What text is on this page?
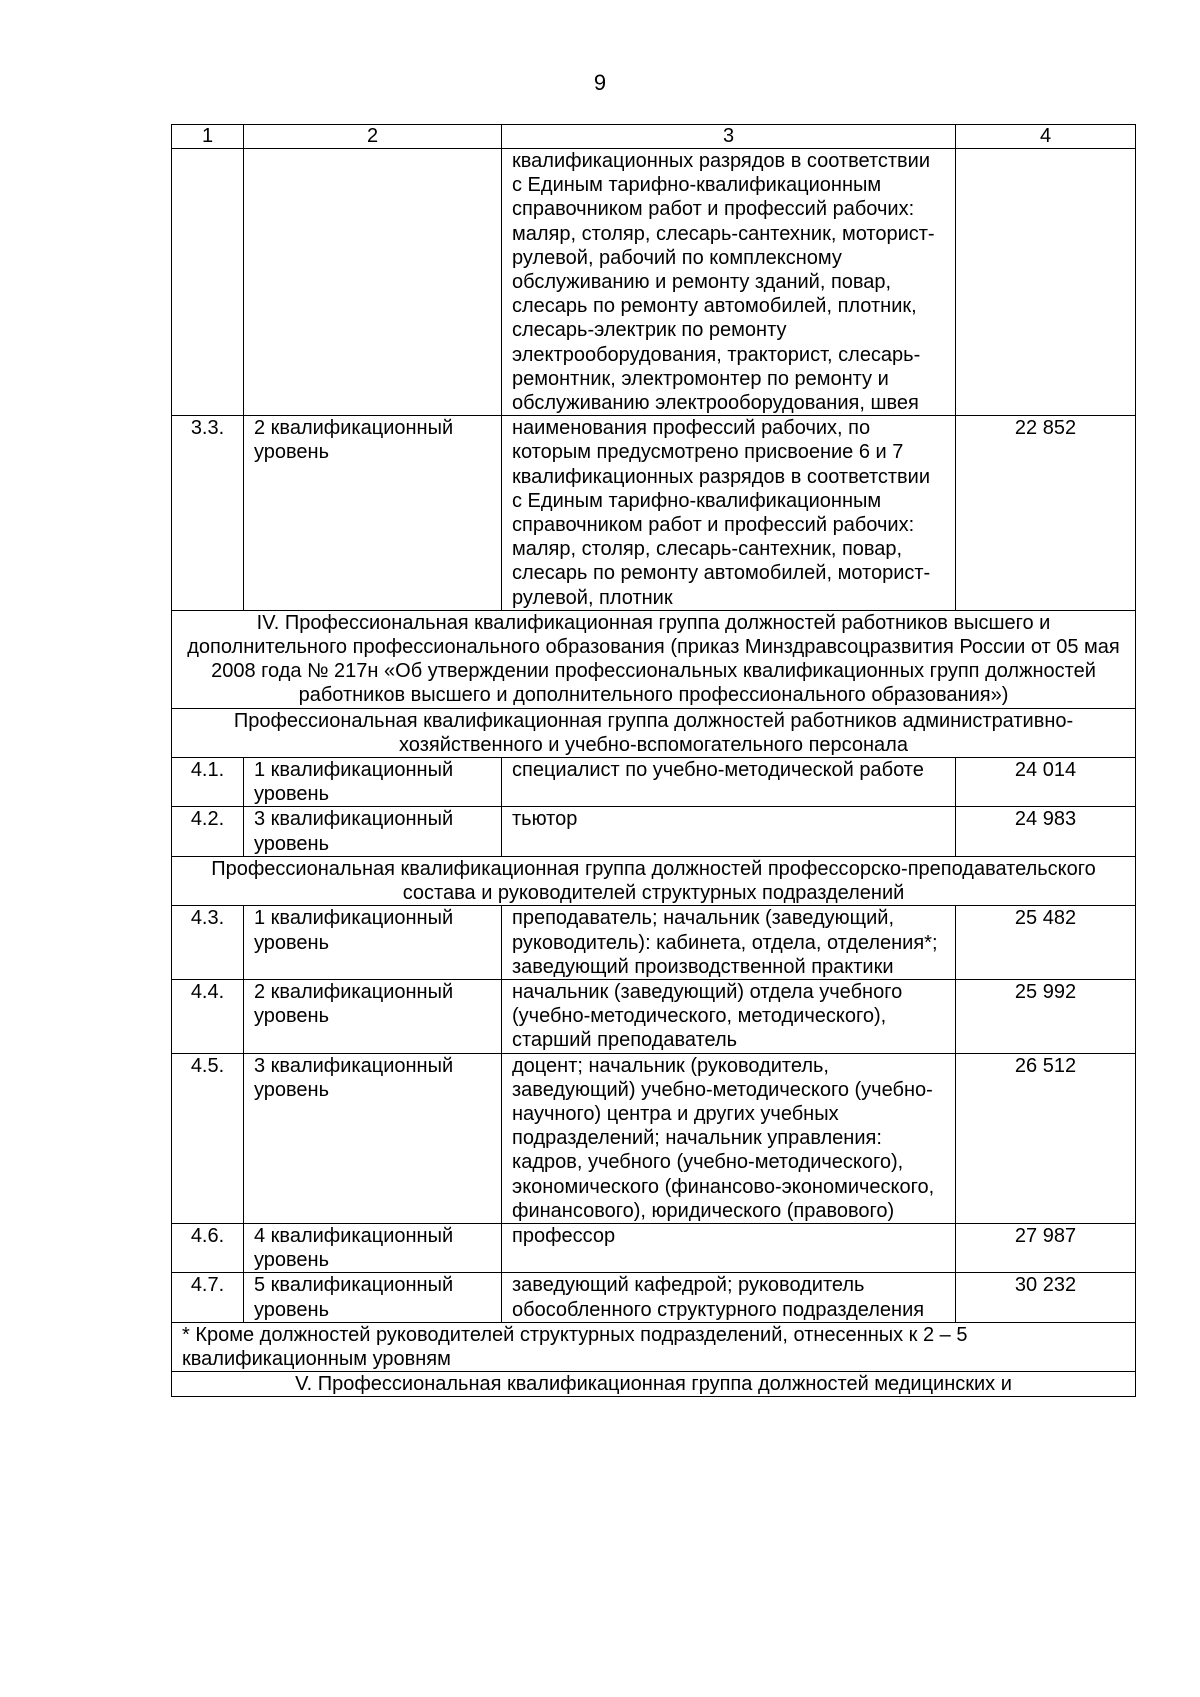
9
1	2	3	4
		квалификационных разрядов в соответствии с Единым тарифно-квалификационным справочником работ и профессий рабочих: маляр, столяр, слесарь-сантехник, моторист-рулевой, рабочий по комплексному обслуживанию и ремонту зданий, повар, слесарь по ремонту автомобилей, плотник, слесарь-электрик по ремонту электрооборудования, тракторист, слесарь-ремонтник, электромонтер по ремонту и обслуживанию электрооборудования, швея	
3.3.	2 квалификационный уровень	наименования профессий рабочих, по которым предусмотрено присвоение 6 и 7 квалификационных разрядов в соответствии с Единым тарифно-квалификационным справочником работ и профессий рабочих: маляр, столяр, слесарь-сантехник, повар, слесарь по ремонту автомобилей, моторист-рулевой, плотник	22 852
IV. Профессиональная квалификационная группа должностей работников высшего и дополнительного профессионального образования (приказ Минздравсоцразвития России от 05 мая 2008 года № 217н «Об утверждении профессиональных квалификационных групп должностей работников высшего и дополнительного профессионального образования»)			
Профессиональная квалификационная группа должностей работников административно-хозяйственного и учебно-вспомогательного персонала			
4.1.	1 квалификационный уровень	специалист по учебно-методической работе	24 014
4.2.	3 квалификационный уровень	тьютор	24 983
Профессиональная квалификационная группа должностей профессорско-преподавательского состава и руководителей структурных подразделений			
4.3.	1 квалификационный уровень	преподаватель; начальник (заведующий, руководитель): кабинета, отдела, отделения*; заведующий производственной практики	25 482
4.4.	2 квалификационный уровень	начальник (заведующий) отдела учебного (учебно-методического, методического), старший преподаватель	25 992
4.5.	3 квалификационный уровень	доцент; начальник (руководитель, заведующий) учебно-методического (учебно-научного) центра и других учебных подразделений; начальник управления: кадров, учебного (учебно-методического), экономического (финансово-экономического, финансового), юридического (правового)	26 512
4.6.	4 квалификационный уровень	профессор	27 987
4.7.	5 квалификационный уровень	заведующий кафедрой; руководитель обособленного структурного подразделения	30 232
* Кроме должностей руководителей структурных подразделений, отнесенных к 2 – 5 квалификационным уровням			
V. Профессиональная квалификационная группа должностей медицинских и			
